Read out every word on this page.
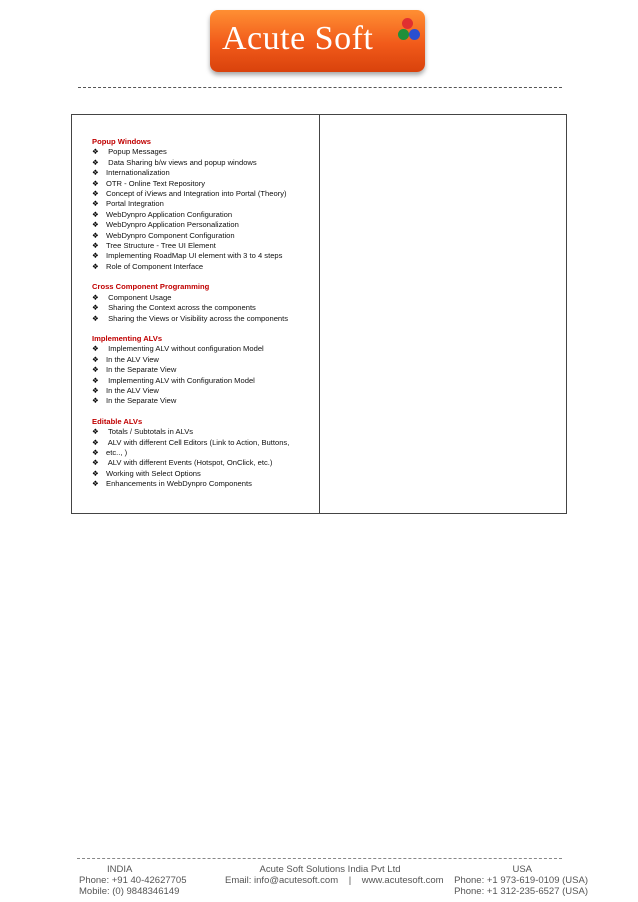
Acute Soft
Popup Windows
❖ Popup Messages
❖ Data Sharing b/w views and popup windows
❖ Internationalization
❖ OTR - Online Text Repository
❖ Concept of iViews and Integration into Portal (Theory)
❖ Portal Integration
❖ WebDynpro Application Configuration
❖ WebDynpro Application Personalization
❖ WebDynpro Component Configuration
❖ Tree Structure - Tree UI Element
❖ Implementing RoadMap UI element with 3 to 4 steps
❖ Role of Component Interface
Cross Component Programming
❖ Component Usage
❖ Sharing the Context across the components
❖ Sharing the Views or Visibility across the components
Implementing ALVs
❖ Implementing ALV without configuration Model
❖ In the ALV View
❖ In the Separate View
❖ Implementing ALV with Configuration Model
❖ In the ALV View
❖ In the Separate View
Editable ALVs
❖ Totals / Subtotals in ALVs
❖ ALV with different Cell Editors (Link to Action, Buttons,
❖ etc.., )
❖ ALV with different Events (Hotspot, OnClick, etc.)
❖ Working with Select Options
❖ Enhancements in WebDynpro Components
INDIA
Phone: +91 40-42627705
Mobile: (0) 9848346149
Acute Soft Solutions India Pvt Ltd
Email: info@acutesoft.com    |    www.acutesoft.com
USA
Phone: +1 973-619-0109 (USA)
Phone: +1 312-235-6527 (USA)
